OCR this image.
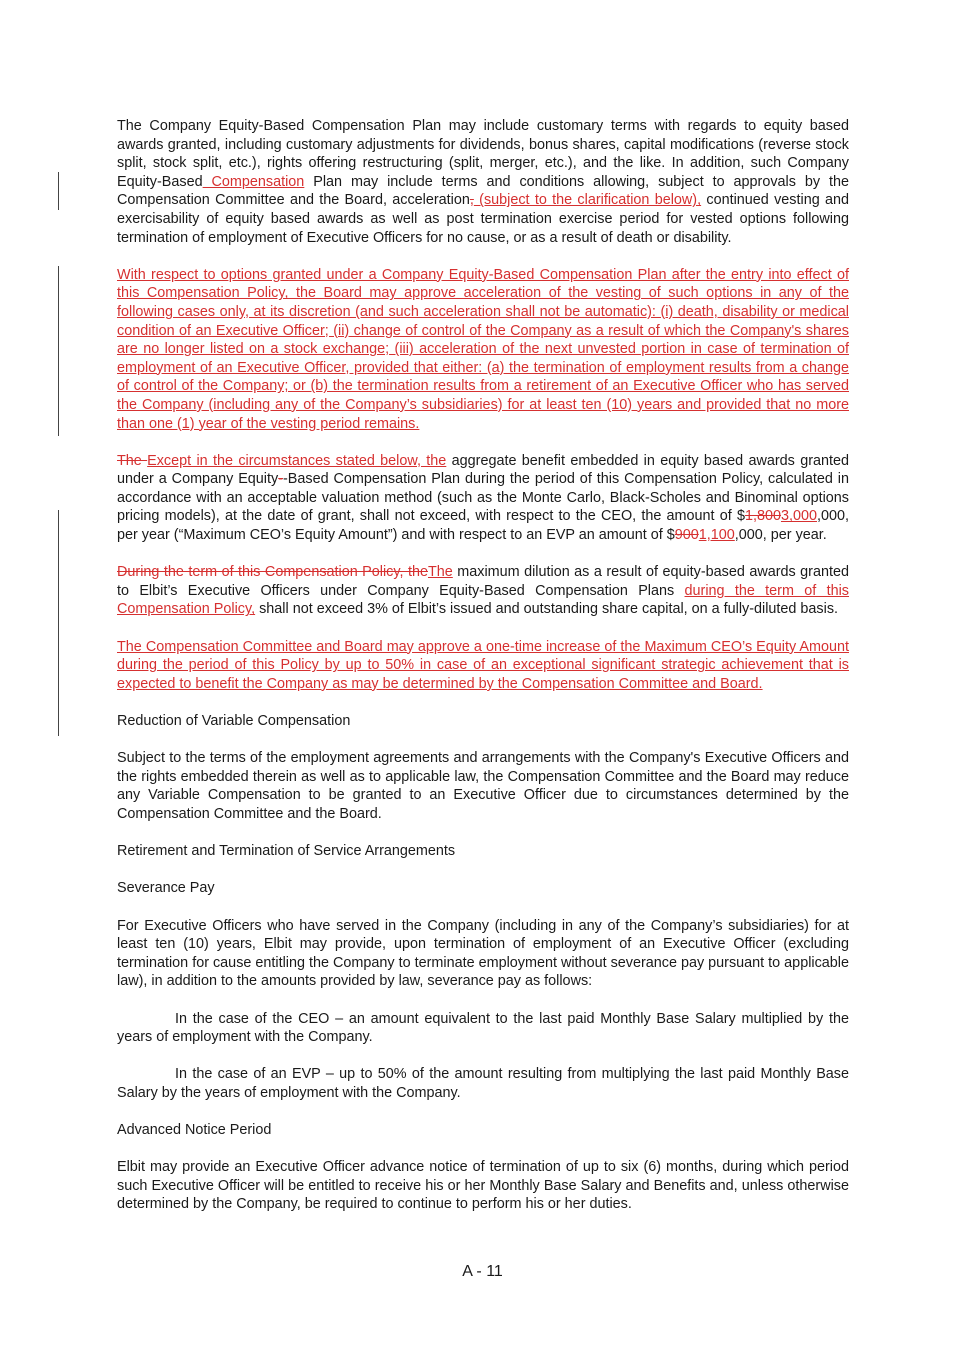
The Company Equity-Based Compensation Plan may include customary terms with regards to equity based awards granted, including customary adjustments for dividends, bonus shares, capital modifications (reverse stock split, stock split, etc.), rights offering restructuring (split, merger, etc.), and the like. In addition, such Company Equity-Based Compensation Plan may include terms and conditions allowing, subject to approvals by the Compensation Committee and the Board, acceleration, (subject to the clarification below), continued vesting and exercisability of equity based awards as well as post termination exercise period for vested options following termination of employment of Executive Officers for no cause, or as a result of death or disability.

With respect to options granted under a Company Equity-Based Compensation Plan after the entry into effect of this Compensation Policy, the Board may approve acceleration of the vesting of such options in any of the following cases only, at its discretion (and such acceleration shall not be automatic): (i) death, disability or medical condition of an Executive Officer; (ii) change of control of the Company as a result of which the Company's shares are no longer listed on a stock exchange; (iii) acceleration of the next unvested portion in case of termination of employment of an Executive Officer, provided that either: (a) the termination of employment results from a change of control of the Company; or (b) the termination results from a retirement of an Executive Officer who has served the Company (including any of the Company’s subsidiaries) for at least ten (10) years and provided that no more than one (1) year of the vesting period remains.

The Except in the circumstances stated below, the aggregate benefit embedded in equity based awards granted under a Company Equity--Based Compensation Plan during the period of this Compensation Policy, calculated in accordance with an acceptable valuation method (such as the Monte Carlo, Black-Scholes and Binominal options pricing models), at the date of grant, shall not exceed, with respect to the CEO, the amount of $1,8003,000,000, per year (“Maximum CEO’s Equity Amount”) and with respect to an EVP an amount of $9001,100,000, per year.

During the term of this Compensation Policy, theThe maximum dilution as a result of equity-based awards granted to Elbit’s Executive Officers under Company Equity-Based Compensation Plans during the term of this Compensation Policy, shall not exceed 3% of Elbit’s issued and outstanding share capital, on a fully-diluted basis.

The Compensation Committee and Board may approve a one-time increase of the Maximum CEO’s Equity Amount during the period of this Policy by up to 50% in case of an exceptional significant strategic achievement that is expected to benefit the Company as may be determined by the Compensation Committee and Board.

Reduction of Variable Compensation

Subject to the terms of the employment agreements and arrangements with the Company's Executive Officers and the rights embedded therein as well as to applicable law, the Compensation Committee and the Board may reduce any Variable Compensation to be granted to an Executive Officer due to circumstances determined by the Compensation Committee and the Board.

Retirement and Termination of Service Arrangements

Severance Pay

For Executive Officers who have served in the Company (including in any of the Company’s subsidiaries) for at least ten (10) years, Elbit may provide, upon termination of employment of an Executive Officer (excluding termination for cause entitling the Company to terminate employment without severance pay pursuant to applicable law), in addition to the amounts provided by law, severance pay as follows:

In the case of the CEO – an amount equivalent to the last paid Monthly Base Salary multiplied by the years of employment with the Company.

In the case of an EVP – up to 50% of the amount resulting from multiplying the last paid Monthly Base Salary by the years of employment with the Company.

Advanced Notice Period

Elbit may provide an Executive Officer advance notice of termination of up to six (6) months, during which period such Executive Officer will be entitled to receive his or her Monthly Base Salary and Benefits and, unless otherwise determined by the Company, be required to continue to perform his or her duties.

A - 11
